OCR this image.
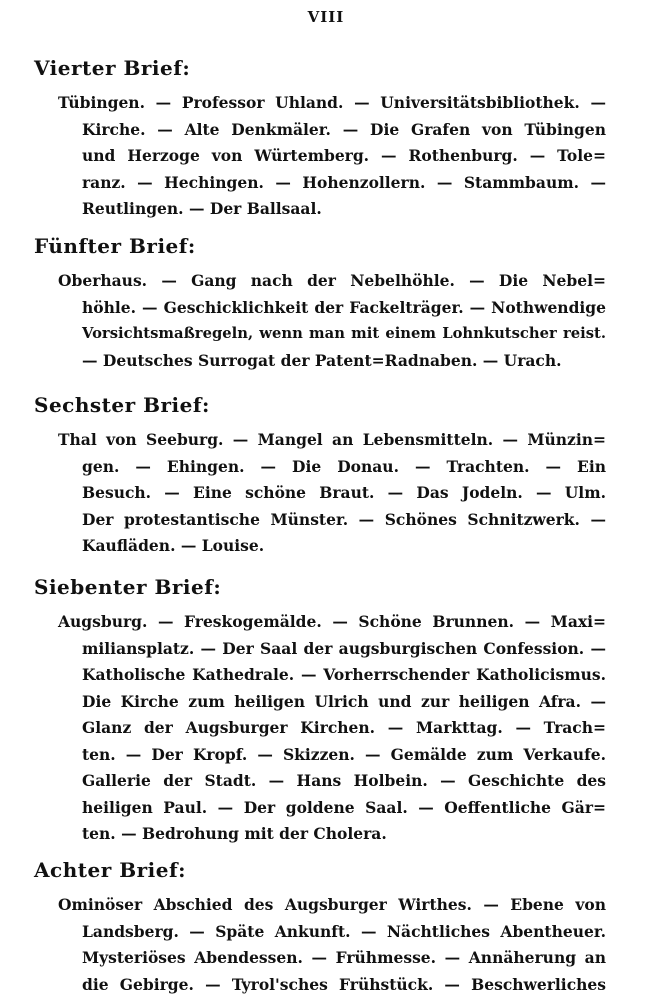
VIII
Vierter Brief:
Tübingen. — Professor Uhland. — Universitätsbibliothek. —
Kirche. — Alte Denkmäler. — Die Grafen von Tübingen
und Herzoge von Würtemberg. — Rothenburg. — Tole=
ranz. — Hechingen. — Hohenzollern. — Stammbaum. —
Reutlingen. — Der Ballsaal.
Fünfter Brief:
Oberhaus. — Gang nach der Nebelhöhle. — Die Nebel=
höhle. — Geschicklichkeit der Fackelträger. — Nothwendige
Vorsichtsmaßregeln, wenn man mit einem Lohnkutscher reist.
— Deutsches Surrogat der Patent=Radnaben. — Urach.
Sechster Brief:
Thal von Seeburg. — Mangel an Lebensmitteln. — Münzin=
gen. — Ehingen. — Die Donau. — Trachten. — Ein
Besuch. — Eine schöne Braut. — Das Jodeln. — Ulm.
Der protestantische Münster. — Schönes Schnitzwerk. —
Kaufläden. — Louise.
Siebenter Brief:
Augsburg. — Freskogemälde. — Schöne Brunnen. — Maxi=
miliansplatz. — Der Saal der augsburgischen Confession. —
Katholische Kathedrale. — Vorherrschender Katholicismus.
Die Kirche zum heiligen Ulrich und zur heiligen Afra. —
Glanz der Augsburger Kirchen. — Markttag. — Trach=
ten. — Der Kropf. — Skizzen. — Gemälde zum Verkaufe.
Gallerie der Stadt. — Hans Holbein. — Geschichte des
heiligen Paul. — Der goldene Saal. — Oeffentliche Gär=
ten. — Bedrohung mit der Cholera.
Achter Brief:
Ominöser Abschied des Augsburger Wirthes. — Ebene von
Landsberg. — Späte Ankunft. — Nächtliches Abentheuer.
Mysteriöses Abendessen. — Frühmesse. — Annäherung an
die Gebirge. — Tyrol'sches Frühstück. — Beschwerliches
